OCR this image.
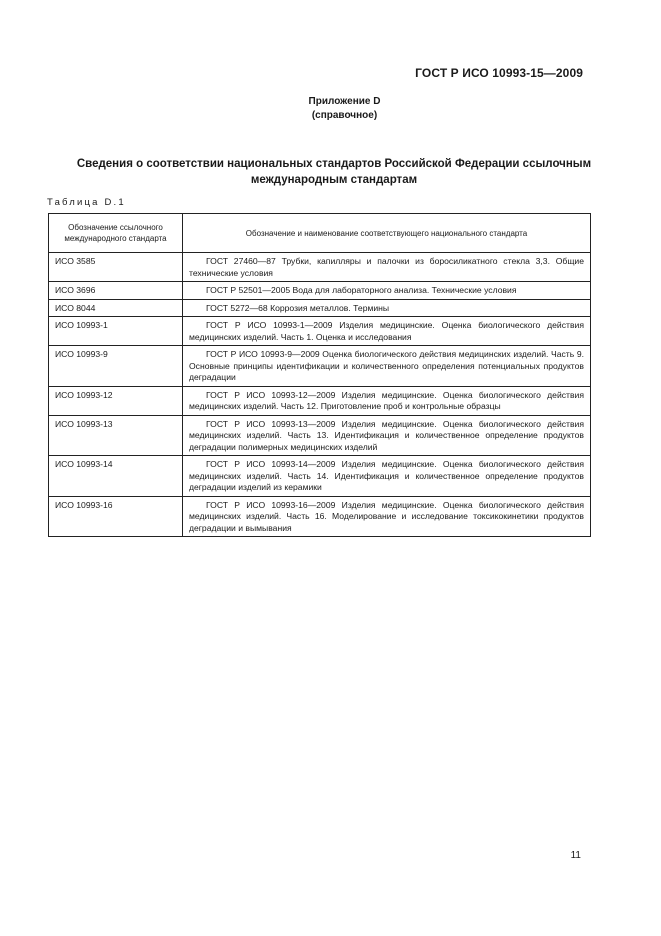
ГОСТ Р ИСО 10993-15—2009
Приложение D
(справочное)
Сведения о соответствии национальных стандартов Российской Федерации ссылочным международным стандартам
Таблица D.1
Обозначение ссылочного международного стандарта	Обозначение и наименование соответствующего национального стандарта
ИСО 3585	ГОСТ 27460—87 Трубки, капилляры и палочки из боросиликатного стекла 3,3. Общие технические условия
ИСО 3696	ГОСТ Р 52501—2005 Вода для лабораторного анализа. Технические условия
ИСО 8044	ГОСТ 5272—68 Коррозия металлов. Термины
ИСО 10993-1	ГОСТ Р ИСО 10993-1—2009 Изделия медицинские. Оценка биологического действия медицинских изделий. Часть 1. Оценка и исследования
ИСО 10993-9	ГОСТ Р ИСО 10993-9—2009 Оценка биологического действия медицинских изделий. Часть 9. Основные принципы идентификации и количественного определения потенциальных продуктов деградации
ИСО 10993-12	ГОСТ Р ИСО 10993-12—2009 Изделия медицинские. Оценка биологического действия медицинских изделий. Часть 12. Приготовление проб и контрольные образцы
ИСО 10993-13	ГОСТ Р ИСО 10993-13—2009 Изделия медицинские. Оценка биологического действия медицинских изделий. Часть 13. Идентификация и количественное определение продуктов деградации полимерных медицинских изделий
ИСО 10993-14	ГОСТ Р ИСО 10993-14—2009 Изделия медицинские. Оценка биологического действия медицинских изделий. Часть 14. Идентификация и количественное определение продуктов деградации изделий из керамики
ИСО 10993-16	ГОСТ Р ИСО 10993-16—2009 Изделия медицинские. Оценка биологического действия медицинских изделий. Часть 16. Моделирование и исследование токсикокинетики продуктов деградации и вымывания
11
